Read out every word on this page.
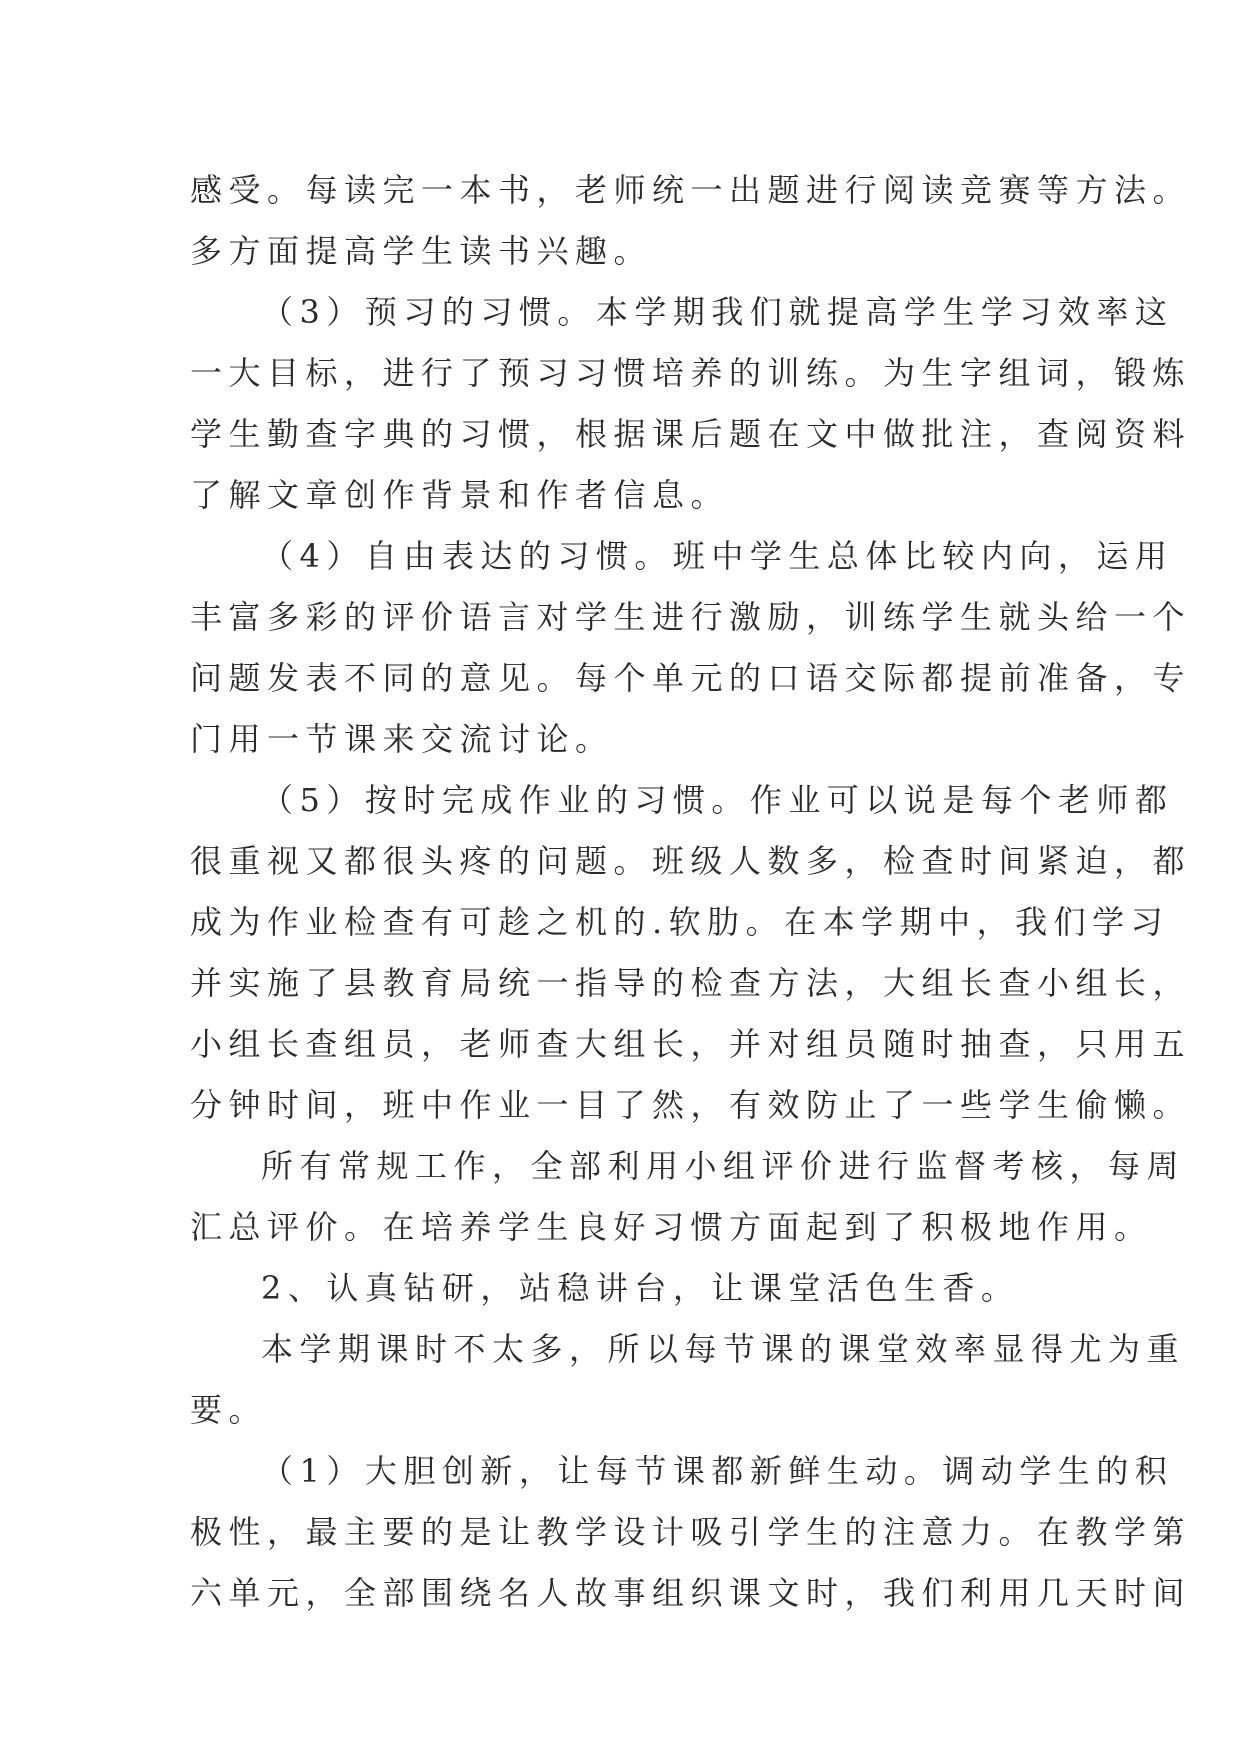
感受。每读完一本书，老师统一出题进行阅读竞赛等方法。
多方面提高学生读书兴趣。
（3）预习的习惯。本学期我们就提高学生学习效率这
一大目标，进行了预习习惯培养的训练。为生字组词，锻炼
学生勤查字典的习惯，根据课后题在文中做批注，查阅资料
了解文章创作背景和作者信息。
（4）自由表达的习惯。班中学生总体比较内向，运用
丰富多彩的评价语言对学生进行激励，训练学生就头给一个
问题发表不同的意见。每个单元的口语交际都提前准备，专
门用一节课来交流讨论。
（5）按时完成作业的习惯。作业可以说是每个老师都
很重视又都很头疼的问题。班级人数多，检查时间紧迫，都
成为作业检查有可趁之机的.软肋。在本学期中，我们学习
并实施了县教育局统一指导的检查方法，大组长查小组长，
小组长查组员，老师查大组长，并对组员随时抽查，只用五
分钟时间，班中作业一目了然，有效防止了一些学生偷懒。
所有常规工作，全部利用小组评价进行监督考核，每周
汇总评价。在培养学生良好习惯方面起到了积极地作用。
2、认真钻研，站稳讲台，让课堂活色生香。
本学期课时不太多，所以每节课的课堂效率显得尤为重
要。
（1）大胆创新，让每节课都新鲜生动。调动学生的积
极性，最主要的是让教学设计吸引学生的注意力。在教学第
六单元，全部围绕名人故事组织课文时，我们利用几天时间
